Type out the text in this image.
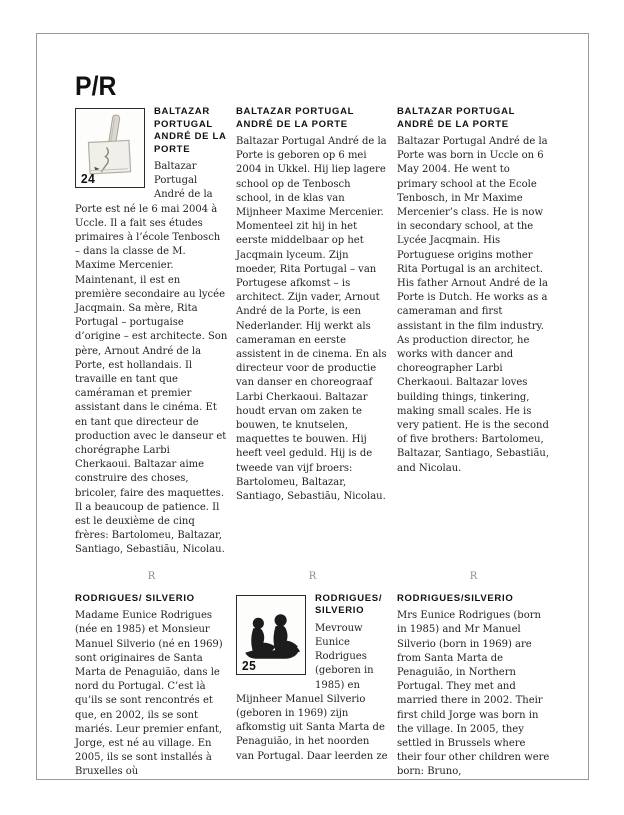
P/R
24
BALTAZAR PORTUGAL ANDRÉ DE LA PORTE

Baltazar Portugal André de la Porte est né le 6 mai 2004 à Uccle. Il a fait ses études primaires à l’école Tenbosch – dans la classe de M. Maxime Mercenier. Maintenant, il est en première secondaire au lycée Jacqmain. Sa mère, Rita Portugal – portugaise d’origine – est architecte. Son père, Arnout André de la Porte, est hollandais. Il travaille en tant que caméraman et premier assistant dans le cinéma. Et en tant que directeur de production avec le danseur et chorégraphe Larbi Cherkaoui. Baltazar aime construire des choses, bricoler, faire des maquettes. Il a beaucoup de patience. Il est le deuxième de cinq frères: Bartolomeu, Baltazar, Santiago, Sebastiãu, Nicolau.

BALTAZAR PORTUGAL ANDRÉ DE LA PORTE

Baltazar Portugal André de la Porte is geboren op 6 mei 2004 in Ukkel. Hij liep lagere school op de Tenbosch school, in de klas van Mijnheer Maxime Mercenier. Momenteel zit hij in het eerste middelbaar op het Jacqmain lyceum. Zijn moeder, Rita Portugal – van Portugese afkomst – is architect. Zijn vader, Arnout André de la Porte, is een Nederlander. Hij werkt als cameraman en eerste assistent in de cinema. En als directeur voor de productie van danser en choreograaf Larbi Cherkaoui. Baltazar houdt ervan om zaken te bouwen, te knutselen, maquettes te bouwen. Hij heeft veel geduld. Hij is de tweede van vijf broers: Bartolomeu, Baltazar, Santiago, Sebastiãu, Nicolau.

BALTAZAR PORTUGAL ANDRÉ DE LA PORTE

Baltazar Portugal André de la Porte was born in Uccle on 6 May 2004. He went to primary school at the Ecole Tenbosch, in Mr Maxime Mercenier’s class. He is now in secondary school, at the Lycée Jacqmain. His Portuguese origins mother Rita Portugal is an architect. His father Arnout André de la Porte is Dutch. He works as a cameraman and first assistant in the film industry. As production director, he works with dancer and choreographer Larbi Cherkaoui. Baltazar loves building things, tinkering, making small scales. He is very patient. He is the second of five brothers: Bartolomeu, Baltazar, Santiago, Sebastiãu, and Nicolau.

R	R	R
RODRIGUES/ SILVERIO

Madame Eunice Rodrigues (née en 1985) et Monsieur Manuel Silverio (né en 1969) sont originaires de Santa Marta de Penaguião, dans le nord du Portugal. C’est là qu’ils se sont rencontrés et que, en 2002, ils se sont mariés. Leur premier enfant, Jorge, est né au village. En 2005, ils se sont installés à Bruxelles où

25
RODRIGUES/ SILVERIO

Mevrouw Eunice Rodrigues (geboren in 1985) en Mijnheer Manuel Silverio (geboren in 1969) zijn afkomstig uit Santa Marta de Penaguião, in het noorden van Portugal. Daar leerden ze

RODRIGUES/SILVERIO

Mrs Eunice Rodrigues (born in 1985) and Mr Manuel Silverio (born in 1969) are from Santa Marta de Penaguião, in Northern Portugal. They met and married there in 2002. Their first child Jorge was born in the village. In 2005, they settled in Brussels where their four other children were born: Bruno,
